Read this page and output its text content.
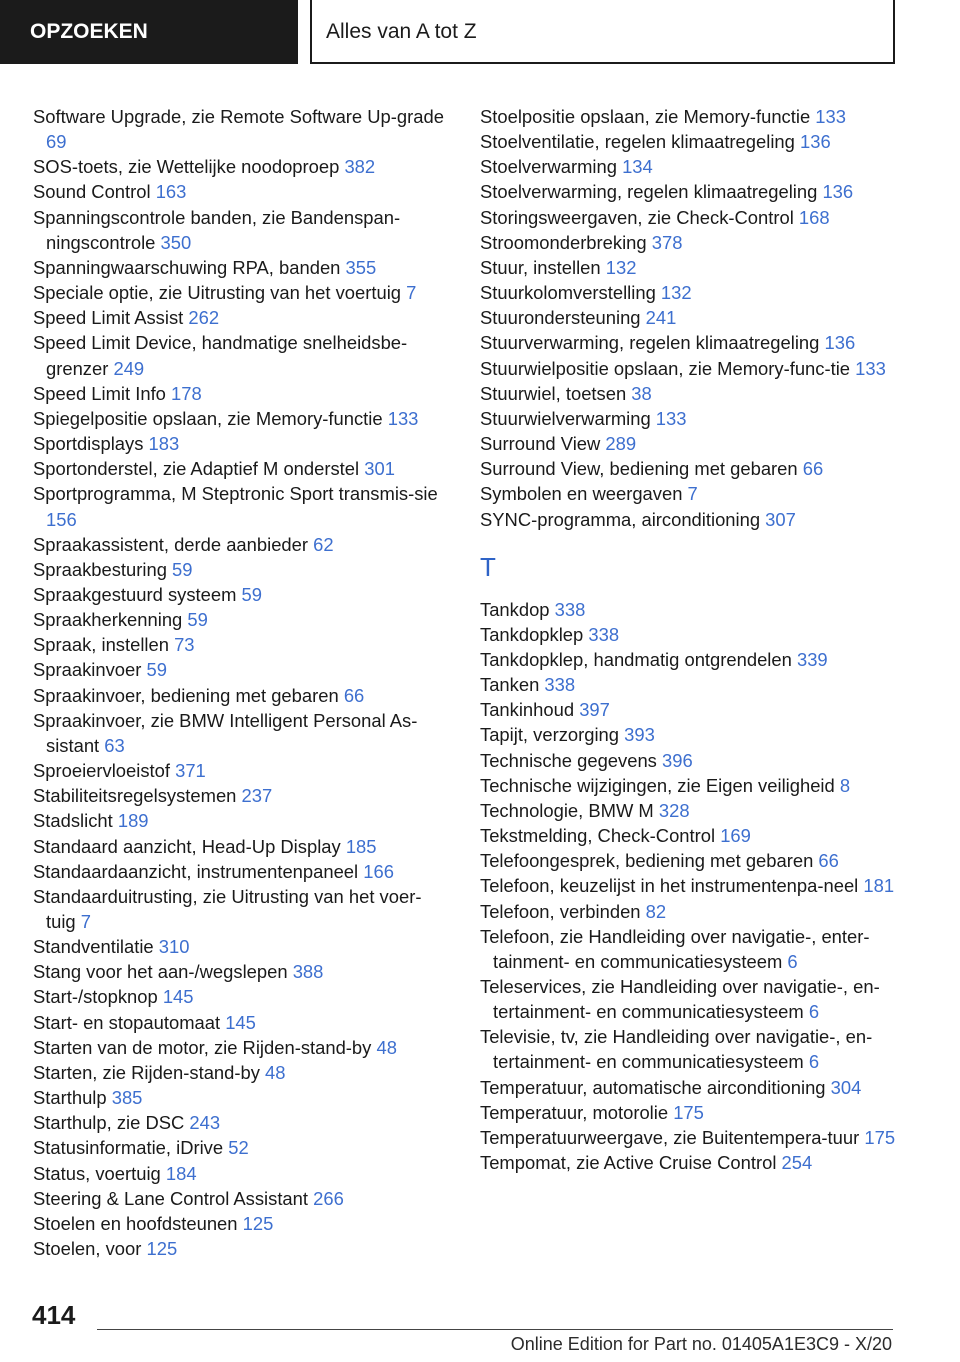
OPZOEKEN	Alles van A tot Z

Software Upgrade, zie Remote Software Up‐grade 69

SOS-toets, zie Wettelijke noodoproep 382

Sound Control 163

Spanningscontrole banden, zie Bandenspan‐ningscontrole 350

Spanningwaarschuwing RPA, banden 355

Speciale optie, zie Uitrusting van het voertuig 7

Speed Limit Assist 262

Speed Limit Device, handmatige snelheidsbe‐grenzer 249

Speed Limit Info 178

Spiegelpositie opslaan, zie Memory-functie 133

Sportdisplays 183

Sportonderstel, zie Adaptief M onderstel 301

Sportprogramma, M Steptronic Sport transmis‐sie 156

Spraakassistent, derde aanbieder 62

Spraakbesturing 59

Spraakgestuurd systeem 59

Spraakherkenning 59

Spraak, instellen 73

Spraakinvoer 59

Spraakinvoer, bediening met gebaren 66

Spraakinvoer, zie BMW Intelligent Personal As‐sistant 63

Sproeiervloeistof 371

Stabiliteitsregelsystemen 237

Stadslicht 189

Standaard aanzicht, Head-Up Display 185

Standaardaanzicht, instrumentenpaneel 166

Standaarduitrusting, zie Uitrusting van het voer‐tuig 7

Standventilatie 310

Stang voor het aan-/wegslepen 388

Start-/stopknop 145

Start- en stopautomaat 145

Starten van de motor, zie Rijden-stand-by 48

Starten, zie Rijden-stand-by 48

Starthulp 385

Starthulp, zie DSC 243

Statusinformatie, iDrive 52

Status, voertuig 184

Steering & Lane Control Assistant 266

Stoelen en hoofdsteunen 125

Stoelen, voor 125

Stoelpositie opslaan, zie Memory-functie 133

Stoelventilatie, regelen klimaatregeling 136

Stoelverwarming 134

Stoelverwarming, regelen klimaatregeling 136

Storingsweergaven, zie Check-Control 168

Stroomonderbreking 378

Stuur, instellen 132

Stuurkolomverstelling 132

Stuurondersteuning 241

Stuurverwarming, regelen klimaatregeling 136

Stuurwielpositie opslaan, zie Memory-func‐tie 133

Stuurwiel, toetsen 38

Stuurwielverwarming 133

Surround View 289

Surround View, bediening met gebaren 66

Symbolen en weergaven 7

SYNC-programma, airconditioning 307

T

Tankdop 338

Tankdopklep 338

Tankdopklep, handmatig ontgrendelen 339

Tanken 338

Tankinhoud 397

Tapijt, verzorging 393

Technische gegevens 396

Technische wijzigingen, zie Eigen veiligheid 8

Technologie, BMW M 328

Tekstmelding, Check-Control 169

Telefoongesprek, bediening met gebaren 66

Telefoon, keuzelijst in het instrumentenpa‐neel 181

Telefoon, verbinden 82

Telefoon, zie Handleiding over navigatie-, enter‐tainment- en communicatiesysteem 6

Teleservices, zie Handleiding over navigatie-, en‐tertainment- en communicatiesysteem 6

Televisie, tv, zie Handleiding over navigatie-, en‐tertainment- en communicatiesysteem 6

Temperatuur, automatische airconditioning 304

Temperatuur, motorolie 175

Temperatuurweergave, zie Buitentempera‐tuur 175

Tempomat, zie Active Cruise Control 254

414
Online Edition for Part no. 01405A1E3C9 - X/20
